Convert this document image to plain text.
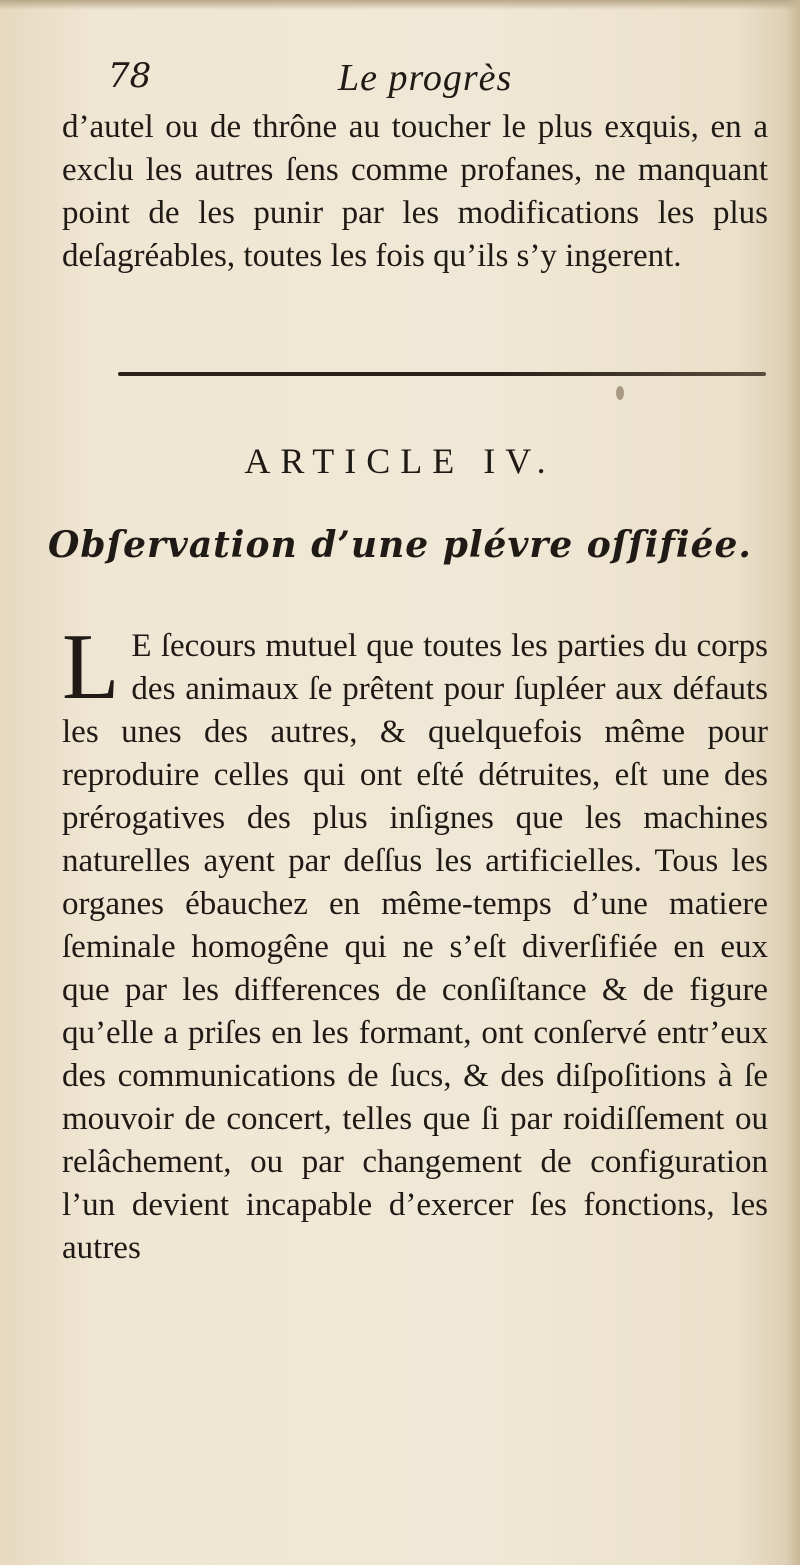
78	Le progrès

d’autel ou de thrône au toucher le plus exquis, en a exclu les autres ſens comme profanes, ne manquant point de les punir par les modifications les plus deſagréables, toutes les fois qu’ils s’y ingerent.

ARTICLE IV.
Obſervation d’une plévre oſſifiée.

L E ſecours mutuel que toutes les parties du corps des animaux ſe prêtent pour ſupléer aux défauts les unes des autres, & quelquefois même pour reproduire celles qui ont eſté détruites, eſt une des prérogatives des plus inſignes que les machines naturelles ayent par deſſus les artificielles. Tous les organes ébauchez en même-temps d’une matiere ſeminale homogêne qui ne s’eſt diverſifiée en eux que par les differences de conſiſtance & de figure qu’elle a priſes en les formant, ont conſervé entr’eux des communications de ſucs, & des diſpoſitions à ſe mouvoir de concert, telles que ſi par roidiſſement ou relâchement, ou par changement de configuration l’un devient incapable d’exercer ſes fonctions, les autres
